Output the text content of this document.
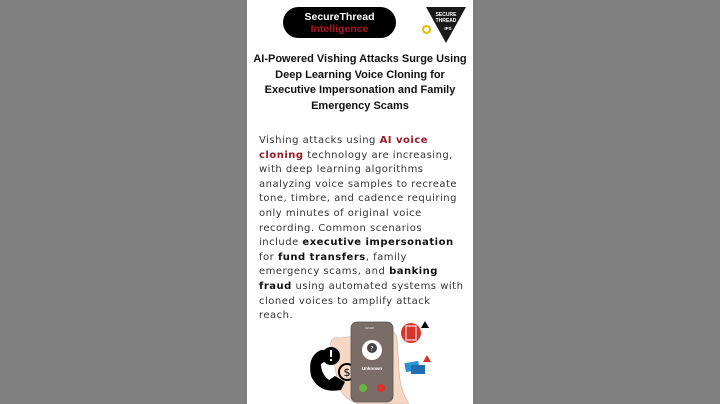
SecureThread
Intelligence
SECURE
THREAD
IPS
AI-Powered Vishing Attacks Surge Using Deep Learning Voice Cloning for Executive Impersonation and Family Emergency Scams
Vishing attacks using AI voice cloning technology are increasing, with deep learning algorithms analyzing voice samples to recreate tone, timbre, and cadence requiring only minutes of original voice recording. Common scenarios include executive impersonation for fund transfers, family emergency scams, and banking fraud using automated systems with cloned voices to amplify attack reach.
$
12:00
?
Unknown
